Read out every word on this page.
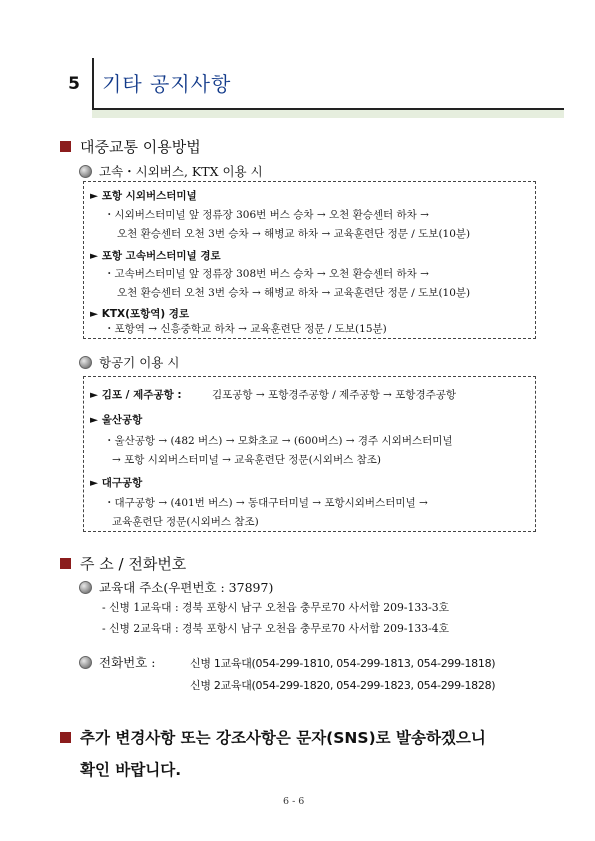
5	기타 공지사항
대중교통 이용방법
고속・시외버스, KTX 이용 시
► 포항 시외버스터미널
・시외버스터미널 앞 정류장 306번 버스 승차 → 오천 환승센터 하차 →
오천 환승센터 오천 3번 승차 → 해병교 하차 → 교육훈련단 정문 / 도보(10분)
► 포항 고속버스터미널 경로
・고속버스터미널 앞 정류장 308번 버스 승차 → 오천 환승센터 하차 →
오천 환승센터 오천 3번 승차 → 해병교 하차 → 교육훈련단 정문 / 도보(10분)
► KTX(포항역) 경로
・포항역 → 신흥중학교 하차 → 교육훈련단 정문 / 도보(15분)
항공기 이용 시
► 김포 / 제주공항 :	김포공항 → 포항경주공항 / 제주공항 → 포항경주공항
► 울산공항
・울산공항 → (482 버스) → 모화초교 → (600버스) → 경주 시외버스터미널
→ 포항 시외버스터미널 → 교육훈련단 정문(시외버스 참조)
► 대구공항
・대구공항 → (401번 버스) → 동대구터미널 → 포항시외버스터미널 →
교육훈련단 정문(시외버스 참조)
주 소 / 전화번호
교육대 주소(우편번호 : 37897)
- 신병 1교육대 : 경북 포항시 남구 오천읍 충무로70 사서함 209-133-3호
- 신병 2교육대 : 경북 포항시 남구 오천읍 충무로70 사서함 209-133-4호
전화번호 :	신병 1교육대(054-299-1810, 054-299-1813, 054-299-1818)
신병 2교육대(054-299-1820, 054-299-1823, 054-299-1828)
추가 변경사항 또는 강조사항은 문자(SNS)로 발송하겠으니
확인 바랍니다.
6 - 6
